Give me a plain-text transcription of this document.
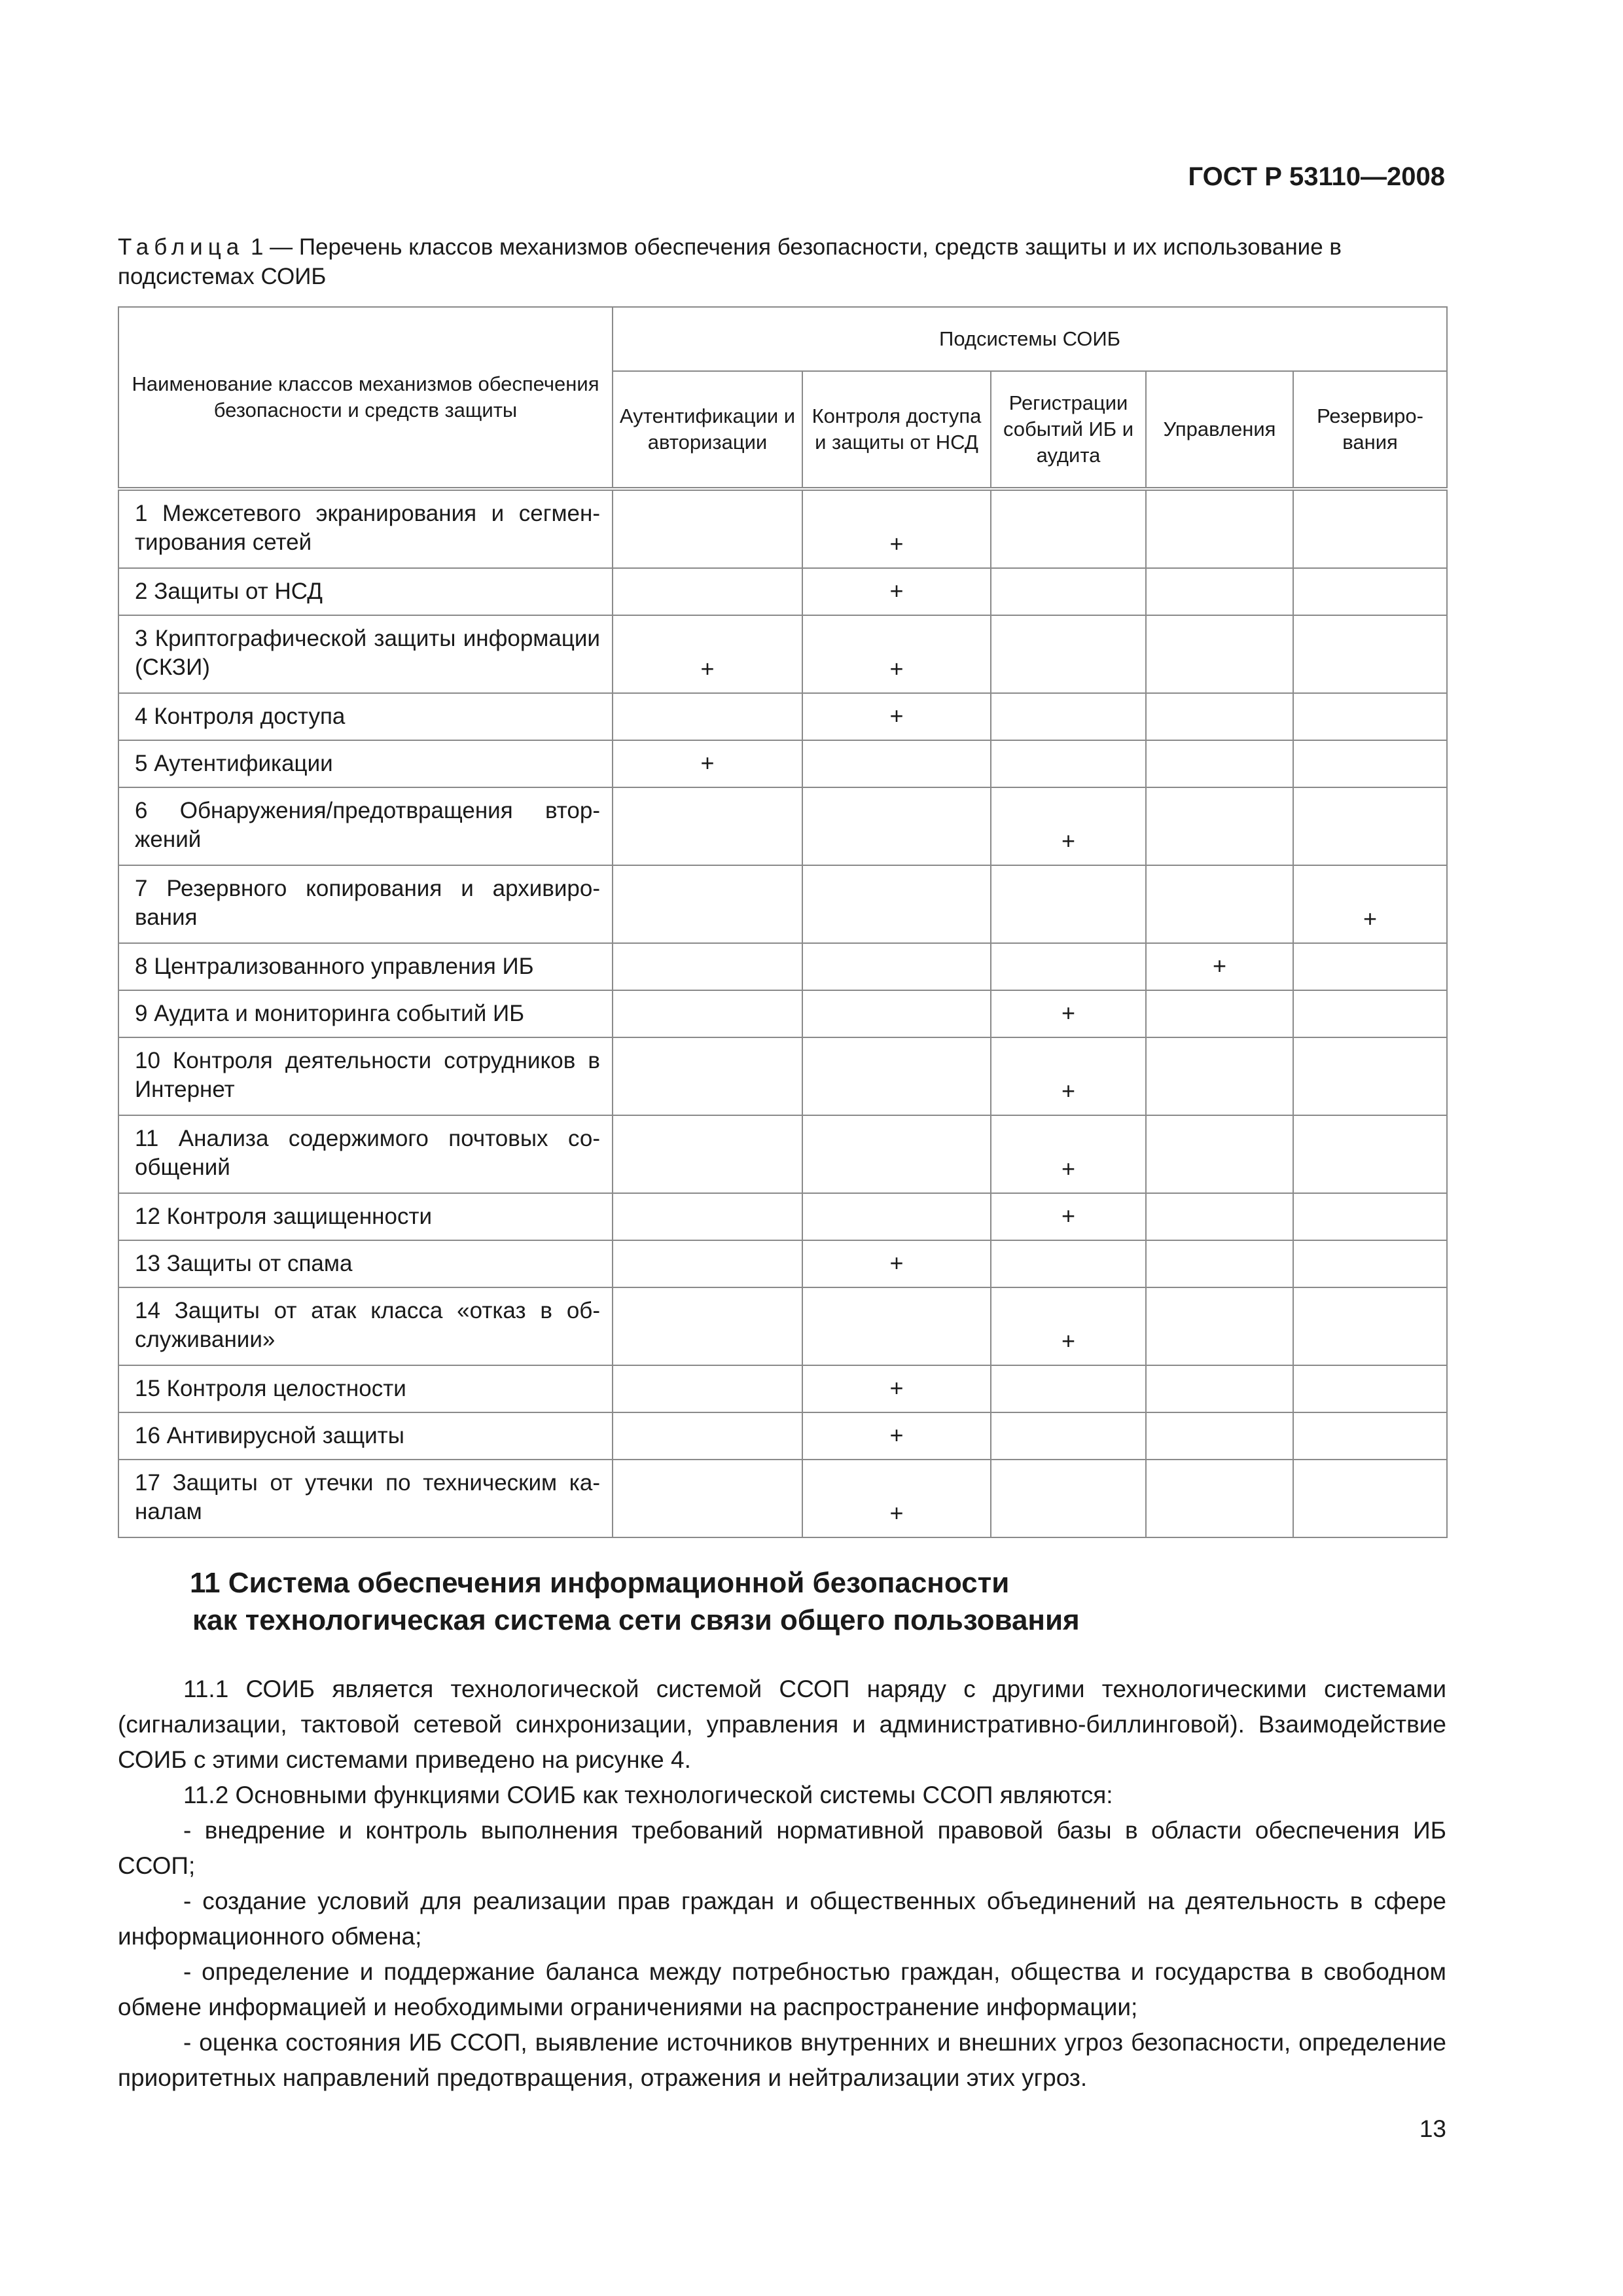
ГОСТ Р 53110—2008

Таблица 1 — Перечень классов механизмов обеспечения безопасности, средств защиты и их использование в подсистемах СОИБ

Наименование классов механизмов обеспечения безопасности и средств защиты	Подсистемы СОИБ				
	Аутентификации и авторизации	Контроля доступа и защиты от НСД	Регистрации событий ИБ и аудита	Управления	Резервирования
1 Межсетевого экранирования и сегментирования сетей		+			
2 Защиты от НСД		+			
3 Криптографической защиты информации (СКЗИ)	+	+			
4 Контроля доступа		+			
5 Аутентификации	+				
6 Обнаружения/предотвращения вторжений			+		
7 Резервного копирования и архивирования					+
8 Централизованного управления ИБ				+	
9 Аудита и мониторинга событий ИБ			+		
10 Контроля деятельности сотрудников в Интернет			+		
11 Анализа содержимого почтовых сообщений			+		
12 Контроля защищенности			+		
13 Защиты от спама		+			
14 Защиты от атак класса «отказ в обслуживании»			+		
15 Контроля целостности		+			
16 Антивирусной защиты		+			
17 Защиты от утечки по техническим каналам		+			
11 Система обеспечения информационной безопасности
как технологическая система сети связи общего пользования

11.1 СОИБ является технологической системой ССОП наряду с другими технологическими системами (сигнализации, тактовой сетевой синхронизации, управления и административно-биллинговой). Взаимодействие СОИБ с этими системами приведено на рисунке 4.

11.2 Основными функциями СОИБ как технологической системы ССОП являются:

- внедрение и контроль выполнения требований нормативной правовой базы в области обеспечения ИБ ССОП;

- создание условий для реализации прав граждан и общественных объединений на деятельность в сфере информационного обмена;

- определение и поддержание баланса между потребностью граждан, общества и государства в свободном обмене информацией и необходимыми ограничениями на распространение информации;

- оценка состояния ИБ ССОП, выявление источников внутренних и внешних угроз безопасности, определение приоритетных направлений предотвращения, отражения и нейтрализации этих угроз.

13
